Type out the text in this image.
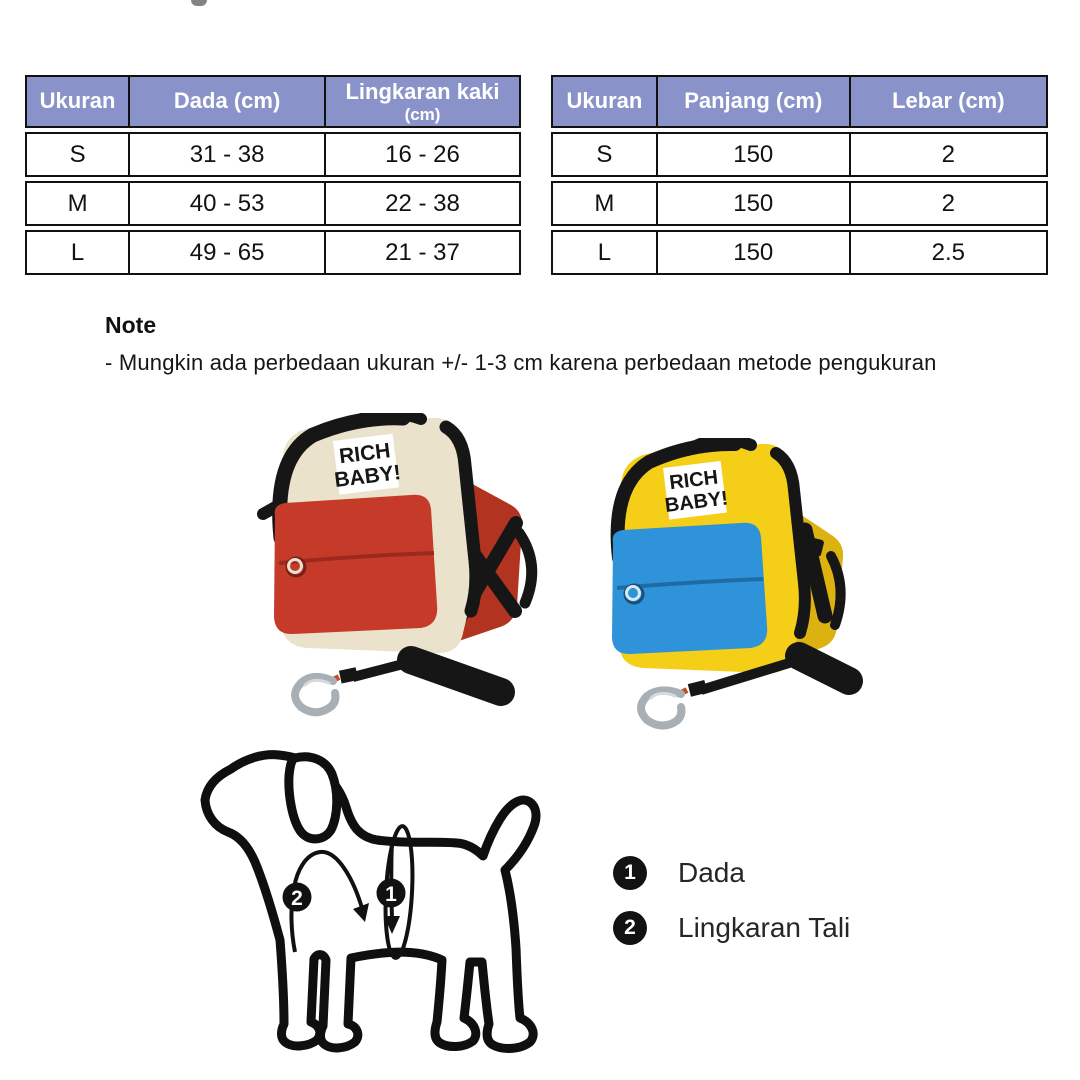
Ukuran	Dada (cm)	Lingkaran kaki
(cm)

S	31 - 38	16 - 26
M	40 - 53	22 - 38
L	49 - 65	21 - 37
Ukuran	Panjang (cm)	Lebar (cm)
S	150	2
M	150	2
L	150	2.5
Note
- Mungkin ada perbedaan ukuran +/- 1-3 cm karena perbedaan metode pengukuran
RICH
BABY!	RICH
BABY!
1
2
1	Dada
2	Lingkaran Tali
